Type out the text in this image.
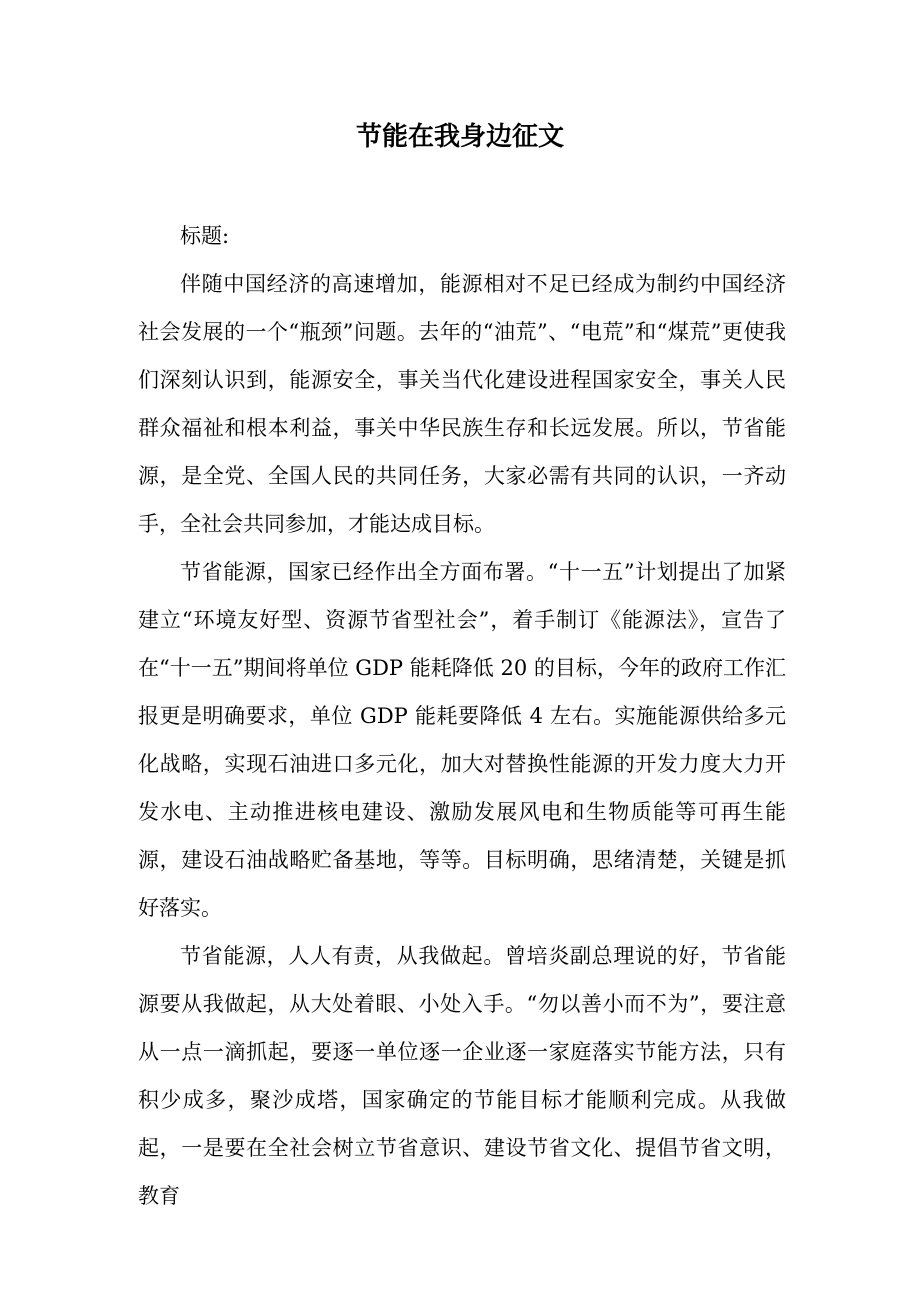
节能在我身边征文

标题:

伴随中国经济的高速增加，能源相对不足已经成为制约中国经济社会发展的一个“瓶颈”问题。去年的“油荒”、“电荒”和“煤荒”更使我们深刻认识到，能源安全，事关当代化建设进程国家安全，事关人民群众福祉和根本利益，事关中华民族生存和长远发展。所以，节省能源，是全党、全国人民的共同任务，大家必需有共同的认识，一齐动手，全社会共同参加，才能达成目标。

节省能源，国家已经作出全方面布署。“十一五”计划提出了加紧建立“环境友好型、资源节省型社会”，着手制订《能源法》，宣告了在“十一五”期间将单位 GDP 能耗降低 20 的目标，今年的政府工作汇报更是明确要求，单位 GDP 能耗要降低 4 左右。实施能源供给多元化战略，实现石油进口多元化，加大对替换性能源的开发力度大力开发水电、主动推进核电建设、激励发展风电和生物质能等可再生能源，建设石油战略贮备基地，等等。目标明确，思绪清楚，关键是抓好落实。

节省能源，人人有责，从我做起。曾培炎副总理说的好，节省能源要从我做起，从大处着眼、小处入手。“勿以善小而不为”，要注意从一点一滴抓起，要逐一单位逐一企业逐一家庭落实节能方法，只有积少成多，聚沙成塔，国家确定的节能目标才能顺利完成。从我做起，一是要在全社会树立节省意识、建设节省文化、提倡节省文明，教育
